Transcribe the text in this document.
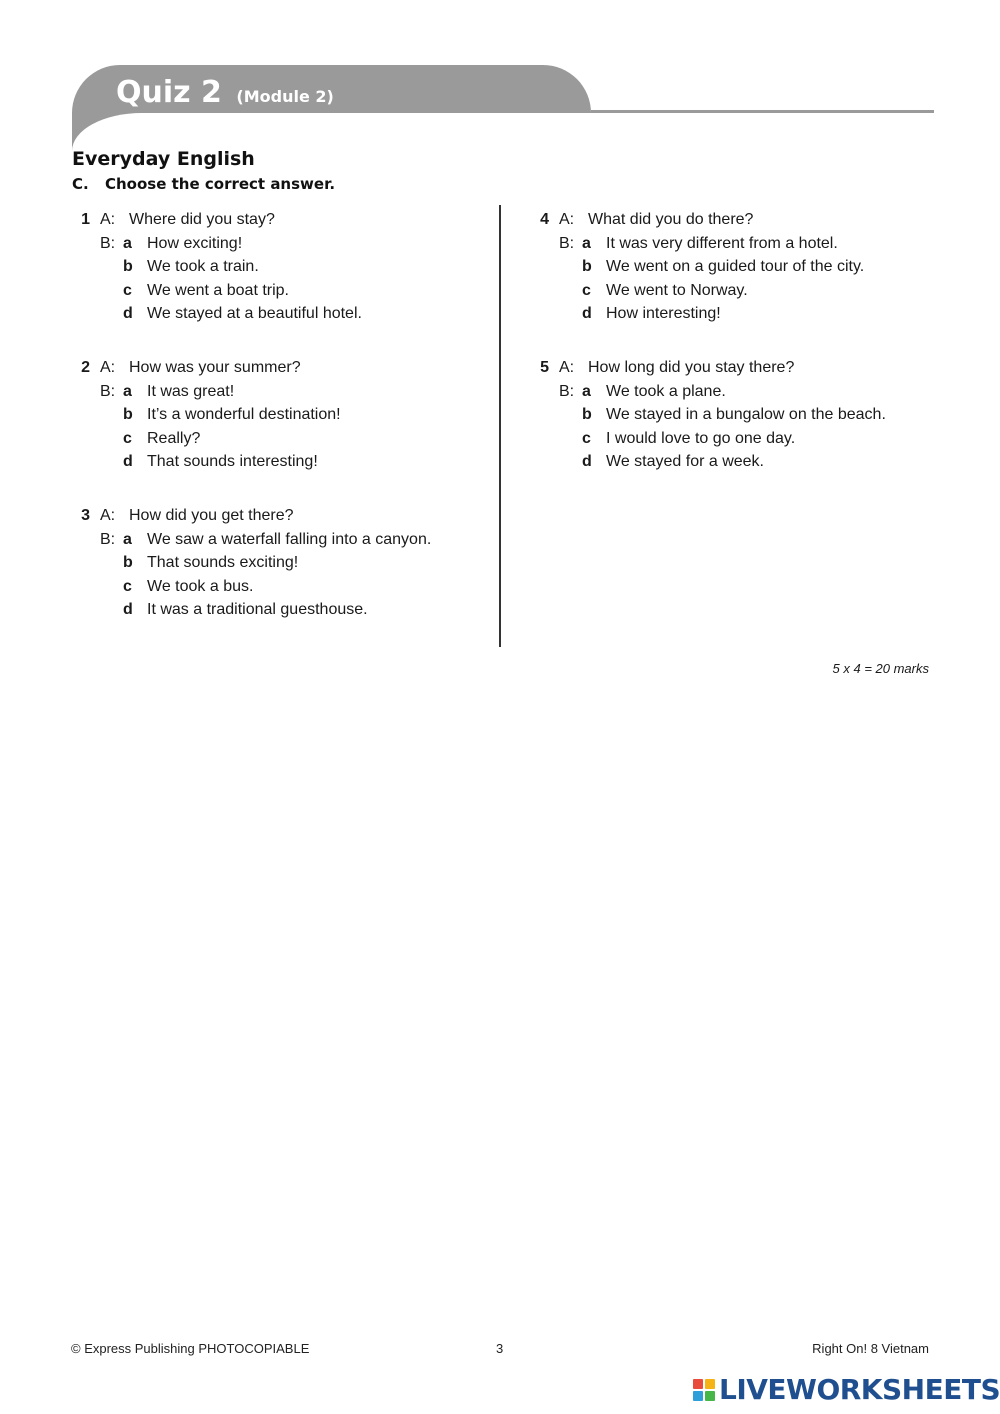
Quiz 2 (Module 2)
Everyday English
C. Choose the correct answer.
1 A: Where did you stay?
B: a How exciting!
b We took a train.
c We went a boat trip.
d We stayed at a beautiful hotel.
2 A: How was your summer?
B: a It was great!
b It’s a wonderful destination!
c Really?
d That sounds interesting!
3 A: How did you get there?
B: a We saw a waterfall falling into a canyon.
b That sounds exciting!
c We took a bus.
d It was a traditional guesthouse.
4 A: What did you do there?
B: a It was very different from a hotel.
b We went on a guided tour of the city.
c We went to Norway.
d How interesting!
5 A: How long did you stay there?
B: a We took a plane.
b We stayed in a bungalow on the beach.
c I would love to go one day.
d We stayed for a week.
5 x 4 = 20 marks
© Express Publishing PHOTOCOPIABLE	3	Right On! 8 Vietnam
LIVEWORKSHEETS
